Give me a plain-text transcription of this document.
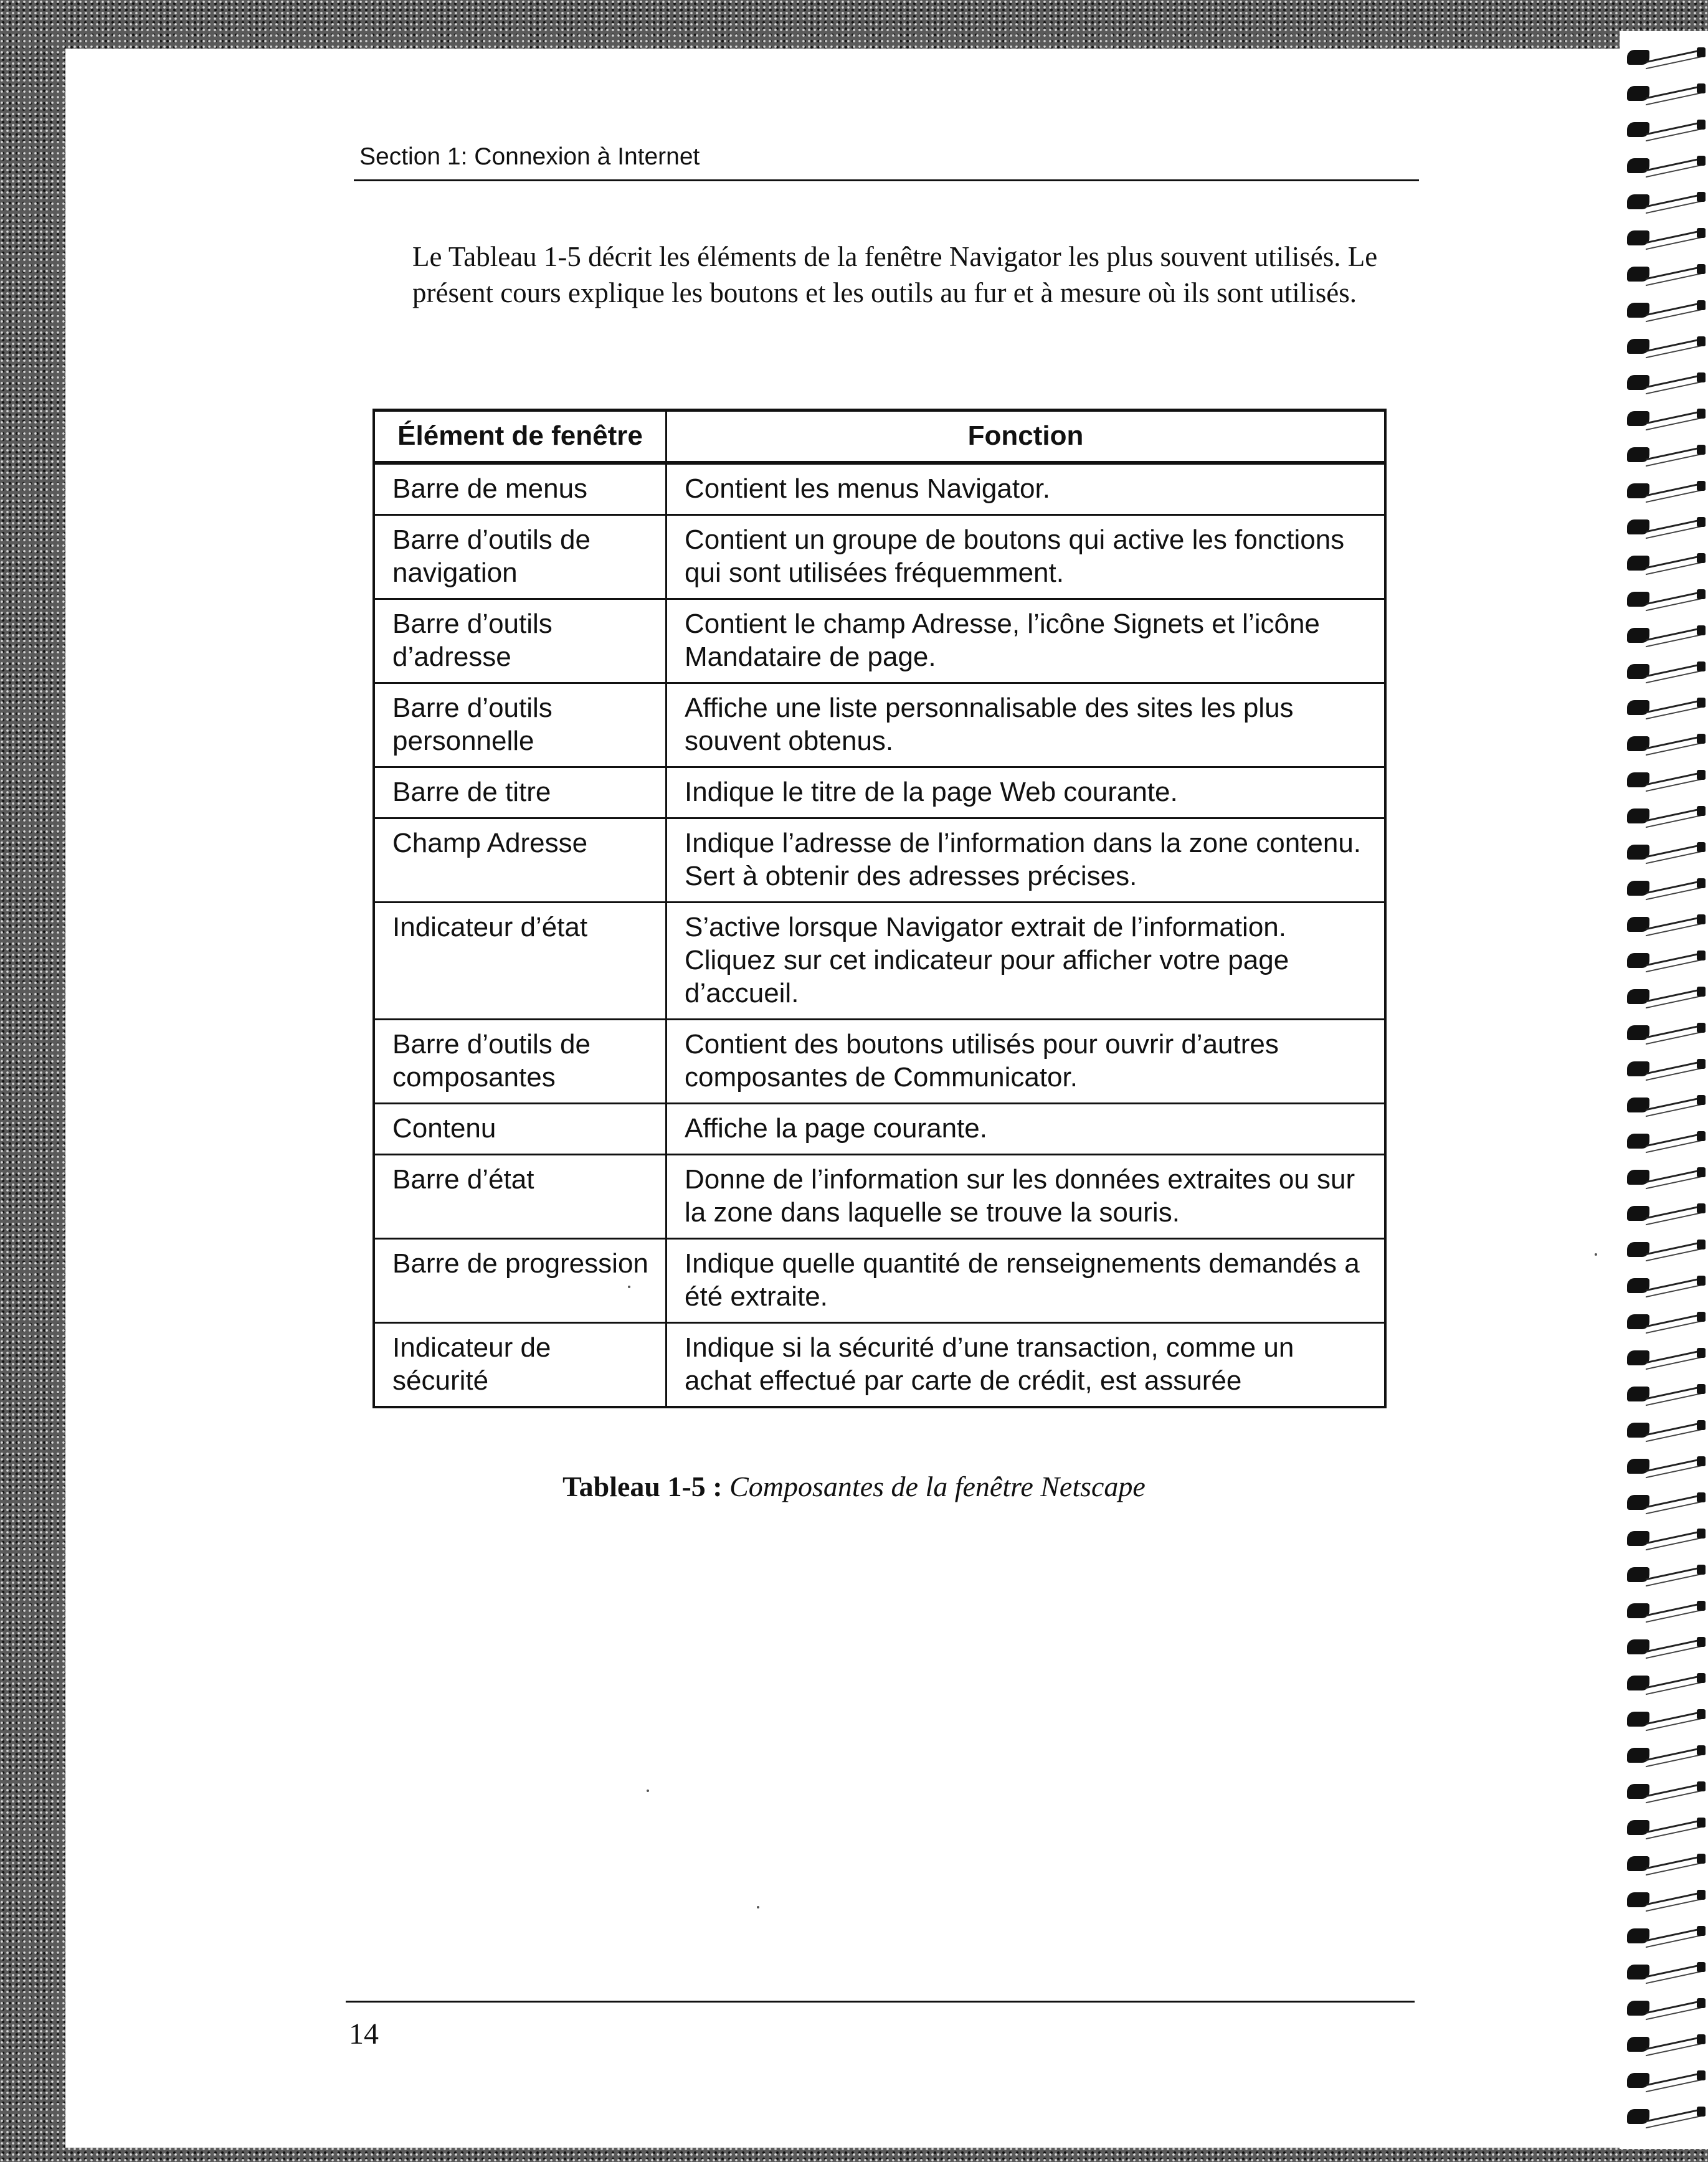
Section 1: Connexion à Internet
Le Tableau 1-5 décrit les éléments de la fenêtre Navigator les plus souvent utilisés. Le présent cours explique les boutons et les outils au fur et à mesure où ils sont utilisés.
Élément de fenêtre	Fonction
Barre de menus	Contient les menus Navigator.
Barre d’outils de navigation	Contient un groupe de boutons qui active les fonctions qui sont utilisées fréquemment.
Barre d’outils d’adresse	Contient le champ Adresse, l’icône Signets et l’icône Mandataire de page.
Barre d’outils personnelle	Affiche une liste personnalisable des sites les plus souvent obtenus.
Barre de titre	Indique le titre de la page Web courante.
Champ Adresse	Indique l’adresse de l’information dans la zone contenu. Sert à obtenir des adresses précises.
Indicateur d’état	S’active lorsque Navigator extrait de l’information. Cliquez sur cet indicateur pour afficher votre page d’accueil.
Barre d’outils de composantes	Contient des boutons utilisés pour ouvrir d’autres composantes de Communicator.
Contenu	Affiche la page courante.
Barre d’état	Donne de l’information sur les données extraites ou sur la zone dans laquelle se trouve la souris.
Barre de progression	Indique quelle quantité de renseignements demandés a été extraite.
Indicateur de sécurité	Indique si la sécurité d’une transaction, comme un achat effectué par carte de crédit, est assurée
Tableau 1-5 : Composantes de la fenêtre Netscape
14
